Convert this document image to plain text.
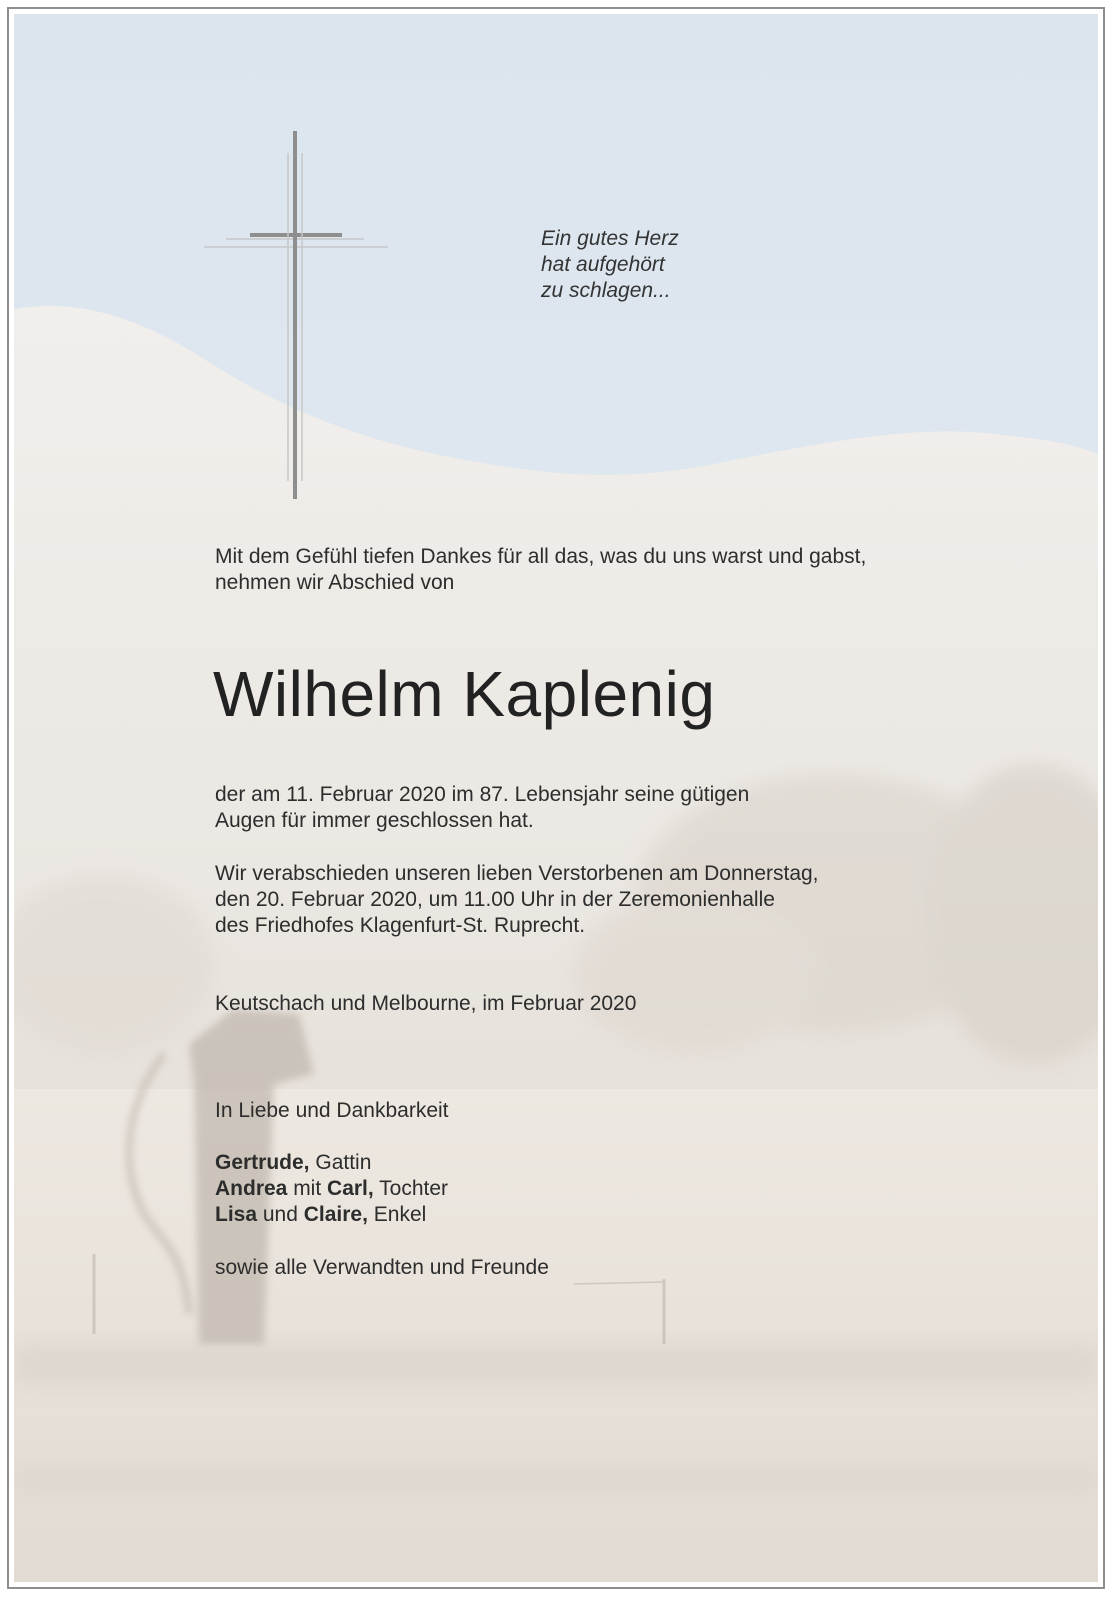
Ein gutes Herz
hat aufgehört
zu schlagen...
Mit dem Gefühl tiefen Dankes für all das, was du uns warst und gabst,
nehmen wir Abschied von
Wilhelm Kaplenig
der am 11. Februar 2020 im 87. Lebensjahr seine gütigen
Augen für immer geschlossen hat.
Wir verabschieden unseren lieben Verstorbenen am Donnerstag,
den 20. Februar 2020, um 11.00 Uhr in der Zeremonienhalle
des Friedhofes Klagenfurt-St. Ruprecht.
Keutschach und Melbourne, im Februar 2020
In Liebe und Dankbarkeit
Gertrude, Gattin
Andrea mit Carl, Tochter
Lisa und Claire, Enkel
sowie alle Verwandten und Freunde
